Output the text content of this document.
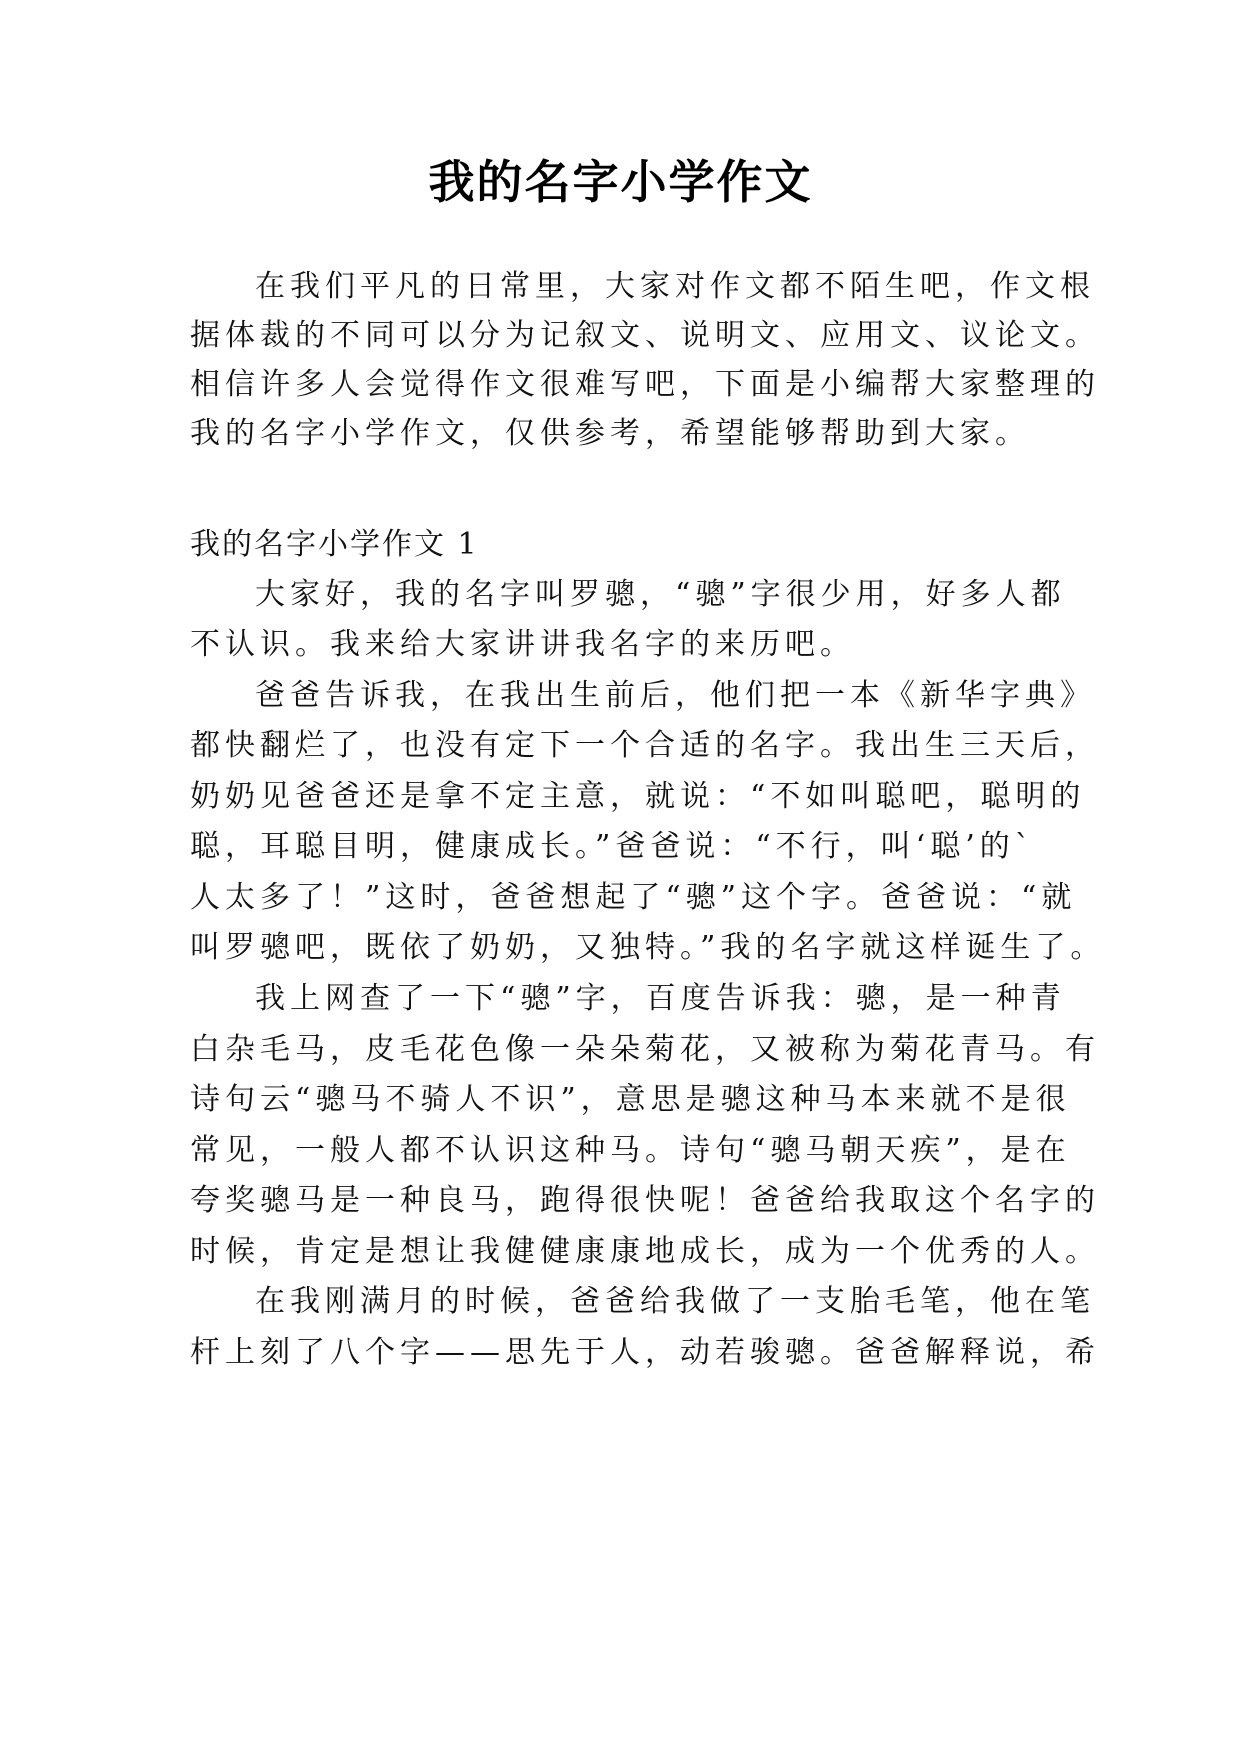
我的名字小学作文
在我们平凡的日常里，大家对作文都不陌生吧，作文根
据体裁的不同可以分为记叙文、说明文、应用文、议论文。
相信许多人会觉得作文很难写吧，下面是小编帮大家整理的
我的名字小学作文，仅供参考，希望能够帮助到大家。
我的名字小学作文 1
大家好，我的名字叫罗骢，“骢”字很少用，好多人都
不认识。我来给大家讲讲我名字的来历吧。
爸爸告诉我，在我出生前后，他们把一本《新华字典》
都快翻烂了，也没有定下一个合适的名字。我出生三天后，
奶奶见爸爸还是拿不定主意，就说：“不如叫聪吧，聪明的
聪，耳聪目明，健康成长。”爸爸说：“不行，叫‘聪’的`
人太多了！”这时，爸爸想起了“骢”这个字。爸爸说：“就
叫罗骢吧，既依了奶奶，又独特。”我的名字就这样诞生了。
我上网查了一下“骢”字，百度告诉我：骢，是一种青
白杂毛马，皮毛花色像一朵朵菊花，又被称为菊花青马。有
诗句云“骢马不骑人不识”，意思是骢这种马本来就不是很
常见，一般人都不认识这种马。诗句“骢马朝天疾”，是在
夸奖骢马是一种良马，跑得很快呢！爸爸给我取这个名字的
时候，肯定是想让我健健康康地成长，成为一个优秀的人。
在我刚满月的时候，爸爸给我做了一支胎毛笔，他在笔
杆上刻了八个字——思先于人，动若骏骢。爸爸解释说，希
